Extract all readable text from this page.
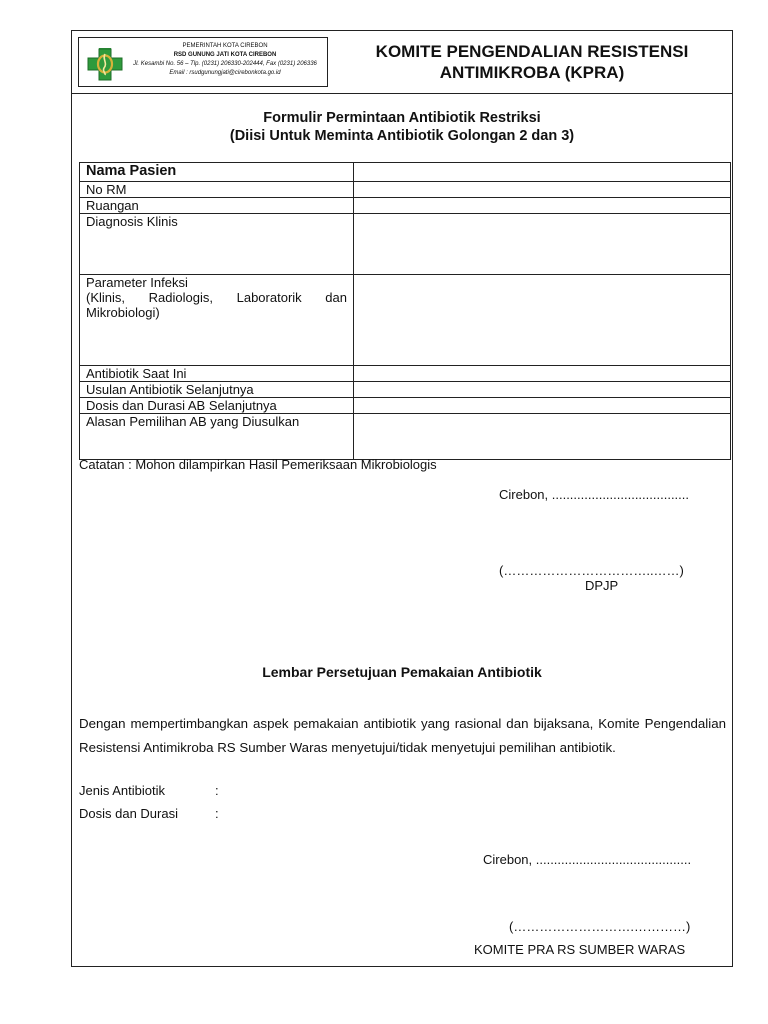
PEMERINTAH KOTA CIREBON
RSD GUNUNG JATI KOTA CIREBON
Jl. Kesambi No. 56 – Tlp. (0231) 206330-202444, Fax (0231) 206336
Email : rsudgunungjati@cirebonkota.go.id
KOMITE PENGENDALIAN RESISTENSI
ANTIMIKROBA (KPRA)
Formulir Permintaan Antibiotik Restriksi
(Diisi Untuk Meminta Antibiotik Golongan 2 dan 3)
Nama Pasien	
No RM	
Ruangan	
Diagnosis Klinis	

Parameter Infeksi
(Klinis, Radiologis, Laboratorik dan
Mikrobiologi)	

Antibiotik Saat Ini	
Usulan Antibiotik Selanjutnya	
Dosis dan Durasi AB Selanjutnya	
Alasan Pemilihan AB yang Diusulkan	
Catatan : Mohon dilampirkan Hasil Pemeriksaan Mikrobiologis
Cirebon, ......................................
(……………………………..……)
DPJP
Lembar Persetujuan Pemakaian Antibiotik
Dengan mempertimbangkan aspek pemakaian antibiotik yang rasional dan bijaksana, Komite Pengendalian Resistensi Antimikroba RS Sumber Waras menyetujui/tidak menyetujui pemilihan antibiotik.
Jenis Antibiotik	:
Dosis dan Durasi	:
Cirebon, ...........................................
(……………………….…………)
KOMITE PRA RS SUMBER WARAS
